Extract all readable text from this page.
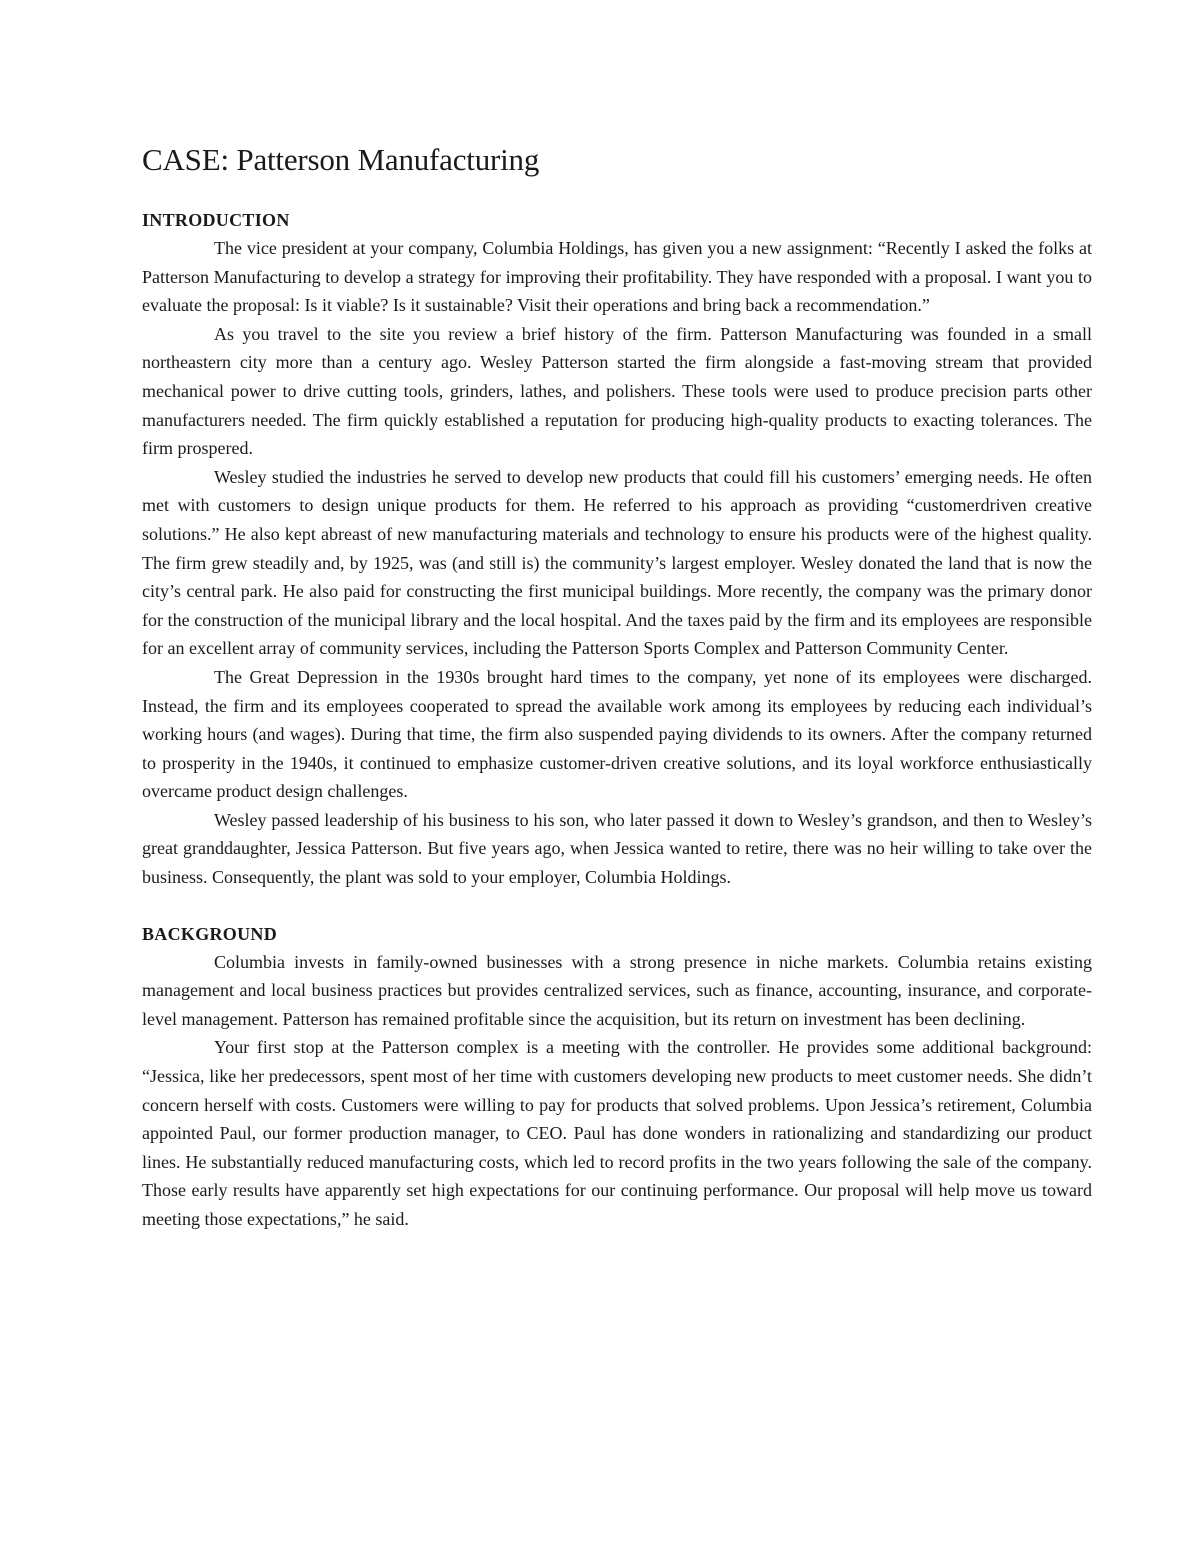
CASE: Patterson Manufacturing
INTRODUCTION

The vice president at your company, Columbia Holdings, has given you a new assignment: “Recently I asked the folks at Patterson Manufacturing to develop a strategy for improving their profitability. They have responded with a proposal. I want you to evaluate the proposal: Is it viable? Is it sustainable? Visit their operations and bring back a recommendation.”

As you travel to the site you review a brief history of the firm. Patterson Manufacturing was founded in a small northeastern city more than a century ago. Wesley Patterson started the firm alongside a fast-moving stream that provided mechanical power to drive cutting tools, grinders, lathes, and polishers. These tools were used to produce precision parts other manufacturers needed. The firm quickly established a reputation for producing high-quality products to exacting tolerances. The firm prospered.

Wesley studied the industries he served to develop new products that could fill his customers’ emerging needs. He often met with customers to design unique products for them. He referred to his approach as providing “customerdriven creative solutions.” He also kept abreast of new manufacturing materials and technology to ensure his products were of the highest quality. The firm grew steadily and, by 1925, was (and still is) the community’s largest employer. Wesley donated the land that is now the city’s central park. He also paid for constructing the first municipal buildings. More recently, the company was the primary donor for the construction of the municipal library and the local hospital. And the taxes paid by the firm and its employees are responsible for an excellent array of community services, including the Patterson Sports Complex and Patterson Community Center.

The Great Depression in the 1930s brought hard times to the company, yet none of its employees were discharged. Instead, the firm and its employees cooperated to spread the available work among its employees by reducing each individual’s working hours (and wages). During that time, the firm also suspended paying dividends to its owners. After the company returned to prosperity in the 1940s, it continued to emphasize customer-driven creative solutions, and its loyal workforce enthusiastically overcame product design challenges.

Wesley passed leadership of his business to his son, who later passed it down to Wesley’s grandson, and then to Wesley’s great granddaughter, Jessica Patterson. But five years ago, when Jessica wanted to retire, there was no heir willing to take over the business. Consequently, the plant was sold to your employer, Columbia Holdings.

BACKGROUND

Columbia invests in family-owned businesses with a strong presence in niche markets. Columbia retains existing management and local business practices but provides centralized services, such as finance, accounting, insurance, and corporate-level management. Patterson has remained profitable since the acquisition, but its return on investment has been declining.

Your first stop at the Patterson complex is a meeting with the controller. He provides some additional background: “Jessica, like her predecessors, spent most of her time with customers developing new products to meet customer needs. She didn’t concern herself with costs. Customers were willing to pay for products that solved problems. Upon Jessica’s retirement, Columbia appointed Paul, our former production manager, to CEO. Paul has done wonders in rationalizing and standardizing our product lines. He substantially reduced manufacturing costs, which led to record profits in the two years following the sale of the company. Those early results have apparently set high expectations for our continuing performance. Our proposal will help move us toward meeting those expectations,” he said.
